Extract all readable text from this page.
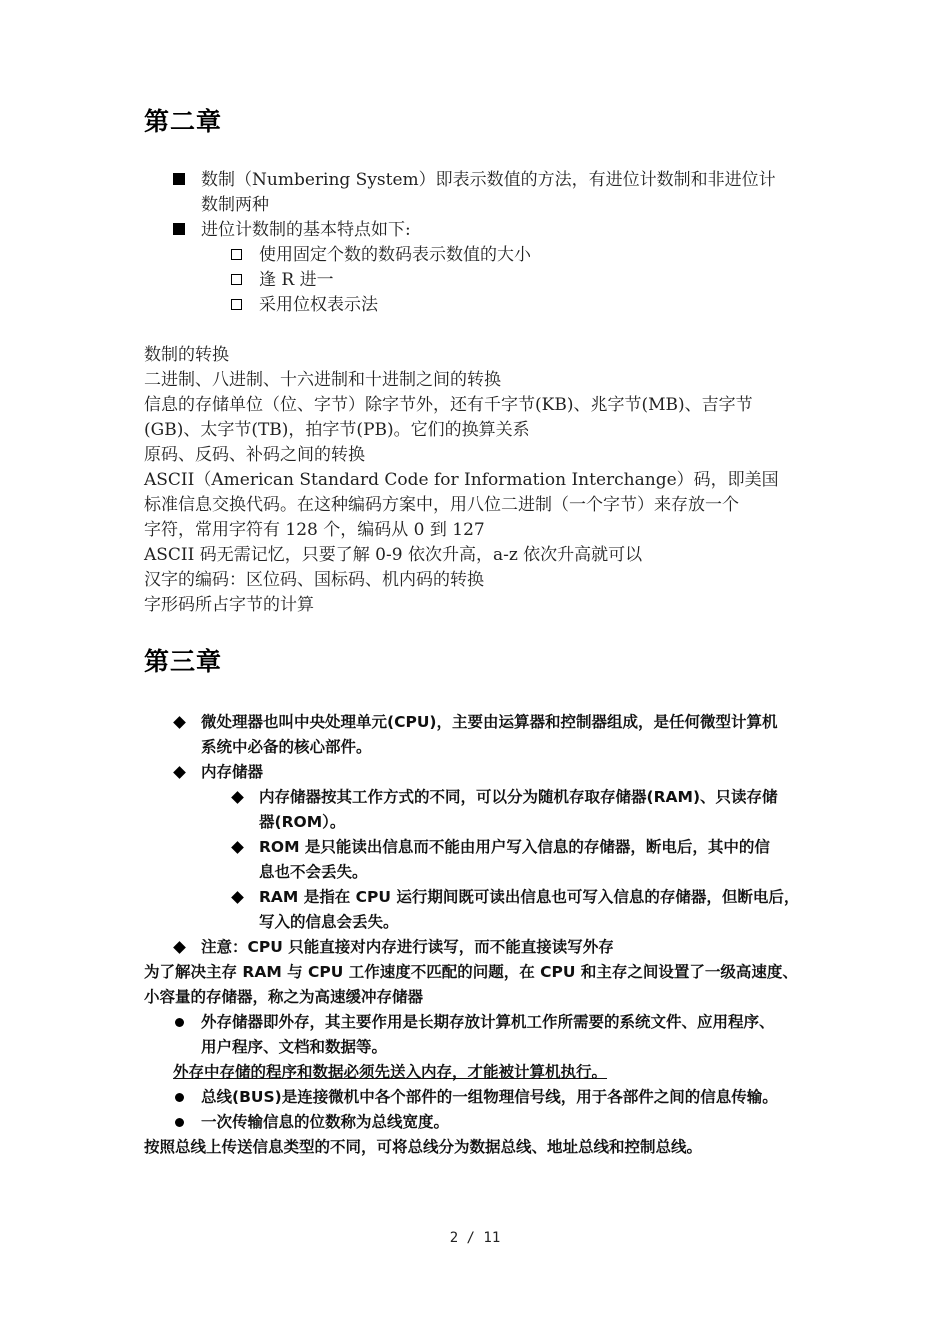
第二章
数制（Numbering System）即表示数值的方法，有进位计数制和非进位计
数制两种
进位计数制的基本特点如下:
使用固定个数的数码表示数值的大小
逢 R 进一
采用位权表示法
数制的转换
二进制、八进制、十六进制和十进制之间的转换
信息的存储单位（位、字节）除字节外，还有千字节(KB)、兆字节(MB)、吉字节
(GB)、太字节(TB)，拍字节(PB)。它们的换算关系
原码、反码、补码之间的转换
ASCII（American Standard Code for Information Interchange）码，即美国
标准信息交换代码。在这种编码方案中，用八位二进制（一个字节）来存放一个
字符，常用字符有 128 个，编码从 0 到 127
ASCII 码无需记忆，只要了解 0-9 依次升高，a-z 依次升高就可以
汉字的编码：区位码、国标码、机内码的转换
字形码所占字节的计算
第三章
微处理器也叫中央处理单元(CPU)，主要由运算器和控制器组成，是任何微型计算机
系统中必备的核心部件。
内存储器
内存储器按其工作方式的不同，可以分为随机存取存储器(RAM)、只读存储
器(ROM）。
ROM 是只能读出信息而不能由用户写入信息的存储器，断电后，其中的信
息也不会丢失。
RAM 是指在 CPU 运行期间既可读出信息也可写入信息的存储器，但断电后，
写入的信息会丢失。
注意：CPU 只能直接对内存进行读写，而不能直接读写外存
为了解决主存 RAM 与 CPU 工作速度不匹配的问题，在 CPU 和主存之间设置了一级高速度、
小容量的存储器，称之为高速缓冲存储器
外存储器即外存，其主要作用是长期存放计算机工作所需要的系统文件、应用程序、
用户程序、文档和数据等。
外存中存储的程序和数据必须先送入内存，才能被计算机执行。
总线(BUS)是连接微机中各个部件的一组物理信号线，用于各部件之间的信息传输。
一次传输信息的位数称为总线宽度。
按照总线上传送信息类型的不同，可将总线分为数据总线、地址总线和控制总线。
2 / 11
